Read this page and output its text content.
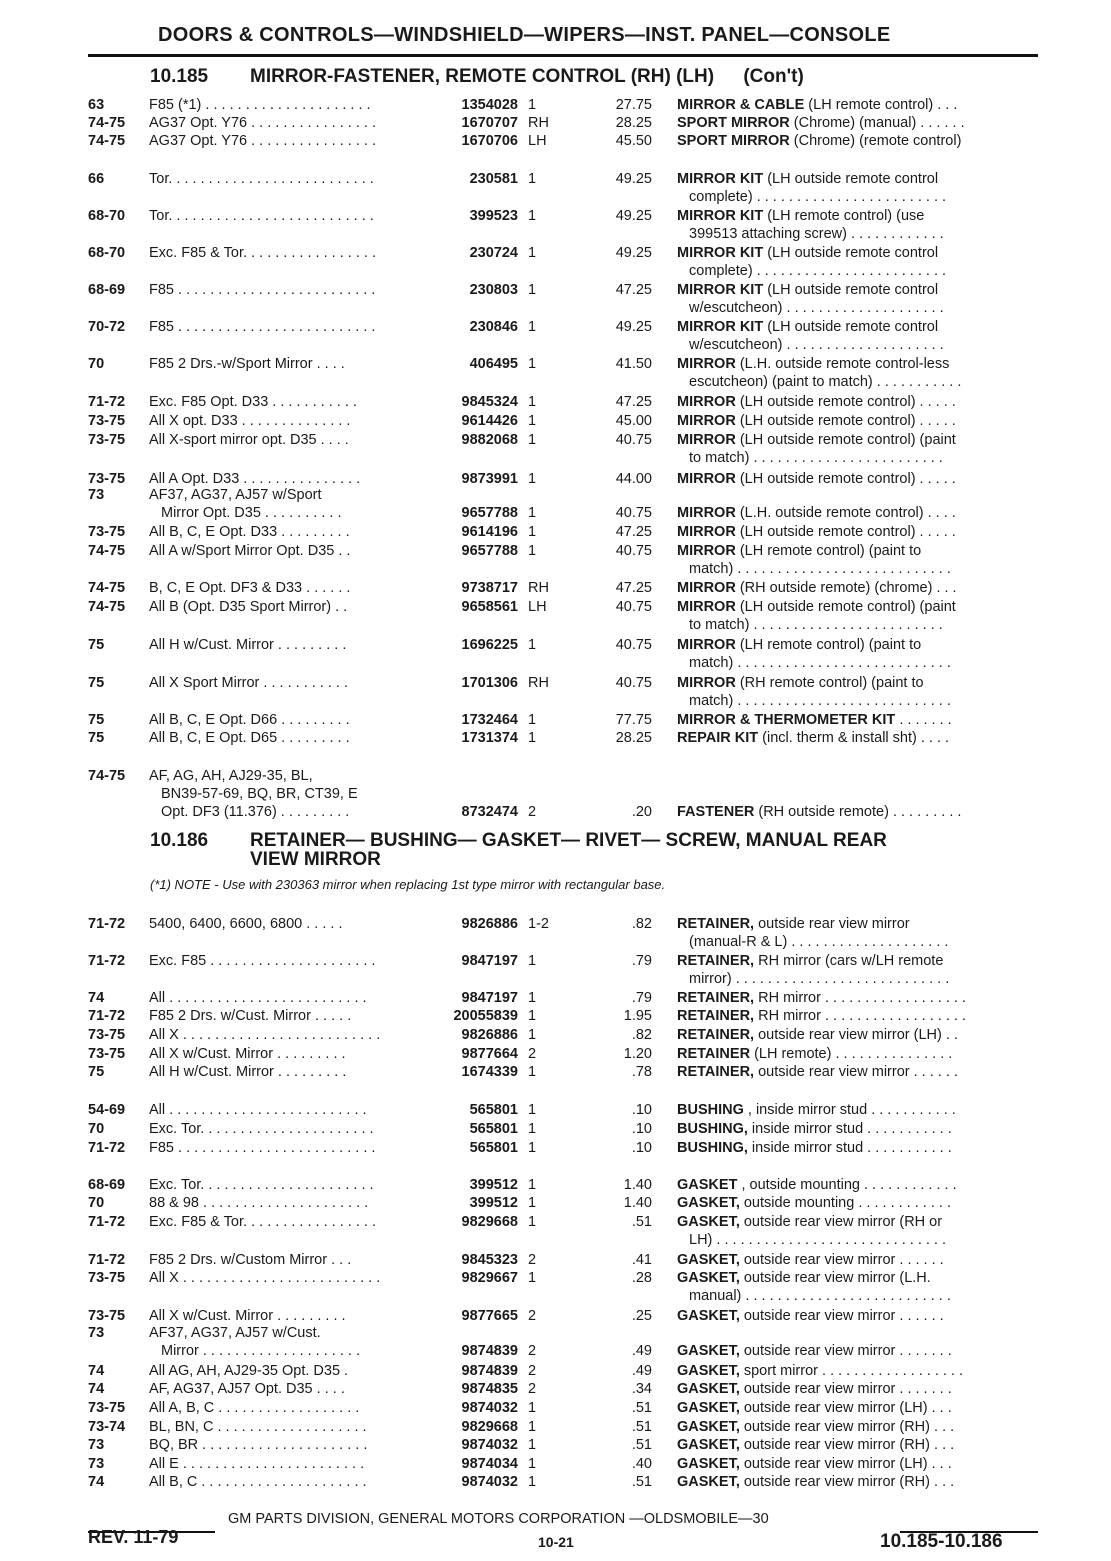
DOORS & CONTROLS—WINDSHIELD—WIPERS—INST. PANEL—CONSOLE
10.185 MIRROR-FASTENER, REMOTE CONTROL (RH) (LH) (Con't)
10.186 RETAINER— BUSHING— GASKET— RIVET— SCREW, MANUAL REAR
VIEW MIRROR
(*1) NOTE - Use with 230363 mirror when replacing 1st type mirror with rectangular base.
63	F85 (*1) . . . . . . . . . . . . . . . . . . . . .	1354028 1	27.75 MIRROR & CABLE (LH remote control) . . .
74-75 AG37 Opt. Y76 . . . . . . . . . . . . . . . .	1670707 RH	28.25 SPORT MIRROR (Chrome) (manual) . . . . . .
74-75 AG37 Opt. Y76 . . . . . . . . . . . . . . . .	1670706 LH	45.50 SPORT MIRROR (Chrome) (remote control)
66	Tor. . . . . . . . . . . . . . . . . . . . . . . . . .	230581 1	49.25 MIRROR KIT (LH outside remote control
complete) . . . . . . . . . . . . . . . . . . . . . . . .
68-70 Tor. . . . . . . . . . . . . . . . . . . . . . . . . .	399523 1	49.25 MIRROR KIT (LH remote control) (use
399513 attaching screw) . . . . . . . . . . . .
68-70 Exc. F85 & Tor. . . . . . . . . . . . . . . . .	230724 1	49.25 MIRROR KIT (LH outside remote control
complete) . . . . . . . . . . . . . . . . . . . . . . . .
68-69 F85 . . . . . . . . . . . . . . . . . . . . . . . . .	230803 1	47.25 MIRROR KIT (LH outside remote control
w/escutcheon) . . . . . . . . . . . . . . . . . . . .
70-72 F85 . . . . . . . . . . . . . . . . . . . . . . . . .	230846 1	49.25 MIRROR KIT (LH outside remote control
w/escutcheon) . . . . . . . . . . . . . . . . . . . .
70	F85 2 Drs.-w/Sport Mirror . . . .	406495 1	41.50 MIRROR (L.H. outside remote control-less
escutcheon) (paint to match) . . . . . . . . . . .
71-72 Exc. F85 Opt. D33 . . . . . . . . . . .	9845324 1	47.25 MIRROR (LH outside remote control) . . . . .
73-75 All X opt. D33 . . . . . . . . . . . . . .	9614426 1	45.00 MIRROR (LH outside remote control) . . . . .
73-75 All X-sport mirror opt. D35 . . . .	9882068 1	40.75 MIRROR (LH outside remote control) (paint
to match) . . . . . . . . . . . . . . . . . . . . . . . .
73-75 All A Opt. D33 . . . . . . . . . . . . . . .	9873991 1	44.00 MIRROR (LH outside remote control) . . . . .
73	AF37, AG37, AJ57 w/Sport
Mirror Opt. D35 . . . . . . . . . .	9657788 1	40.75 MIRROR (L.H. outside remote control) . . . .
73-75 All B, C, E Opt. D33 . . . . . . . . .	9614196 1	47.25 MIRROR (LH outside remote control) . . . . .
74-75 All A w/Sport Mirror Opt. D35 . .	9657788 1	40.75 MIRROR (LH remote control) (paint to
match) . . . . . . . . . . . . . . . . . . . . . . . . . . .
74-75 B, C, E Opt. DF3 & D33 . . . . . .	9738717 RH	47.25 MIRROR (RH outside remote) (chrome) . . .
74-75 All B (Opt. D35 Sport Mirror) . .	9658561 LH	40.75 MIRROR (LH outside remote control) (paint
to match) . . . . . . . . . . . . . . . . . . . . . . . .
75	All H w/Cust. Mirror . . . . . . . . .	1696225 1	40.75 MIRROR (LH remote control) (paint to
match) . . . . . . . . . . . . . . . . . . . . . . . . . . .
75	All X Sport Mirror . . . . . . . . . . .	1701306 RH	40.75 MIRROR (RH remote control) (paint to
match) . . . . . . . . . . . . . . . . . . . . . . . . . . .
75	All B, C, E Opt. D66 . . . . . . . . .	1732464 1	77.75 MIRROR & THERMOMETER KIT . . . . . . .
75	All B, C, E Opt. D65 . . . . . . . . .	1731374 1	28.25 REPAIR KIT (incl. therm & install sht) . . . .
74-75 AF, AG, AH, AJ29-35, BL,
BN39-57-69, BQ, BR, CT39, E
Opt. DF3 (11.376) . . . . . . . . .	8732474 2	.20 FASTENER (RH outside remote) . . . . . . . . .
71-72 5400, 6400, 6600, 6800 . . . . .	9826886 1-2	.82 RETAINER, outside rear view mirror
(manual-R & L) . . . . . . . . . . . . . . . . . . . .
71-72 Exc. F85 . . . . . . . . . . . . . . . . . . . . .	9847197 1	.79 RETAINER, RH mirror (cars w/LH remote
mirror) . . . . . . . . . . . . . . . . . . . . . . . . . . .
74	All . . . . . . . . . . . . . . . . . . . . . . . . .	9847197 1	.79 RETAINER, RH mirror . . . . . . . . . . . . . . . . . .
71-72 F85 2 Drs. w/Cust. Mirror . . . . .	20055839 1	1.95 RETAINER, RH mirror . . . . . . . . . . . . . . . . . .
73-75 All X . . . . . . . . . . . . . . . . . . . . . . . . .	9826886 1	.82 RETAINER, outside rear view mirror (LH) . .
73-75 All X w/Cust. Mirror . . . . . . . . .	9877664 2	1.20 RETAINER (LH remote) . . . . . . . . . . . . . . .
75	All H w/Cust. Mirror . . . . . . . . .	1674339 1	.78 RETAINER, outside rear view mirror . . . . . .
54-69 All . . . . . . . . . . . . . . . . . . . . . . . . .	565801 1	.10 BUSHING , inside mirror stud . . . . . . . . . . .
70	Exc. Tor. . . . . . . . . . . . . . . . . . . . . .	565801 1	.10 BUSHING, inside mirror stud . . . . . . . . . . .
71-72 F85 . . . . . . . . . . . . . . . . . . . . . . . . .	565801 1	.10 BUSHING, inside mirror stud . . . . . . . . . . .
68-69 Exc. Tor. . . . . . . . . . . . . . . . . . . . . .	399512 1	1.40 GASKET , outside mounting . . . . . . . . . . . .
70	88 & 98 . . . . . . . . . . . . . . . . . . . . .	399512 1	1.40 GASKET, outside mounting . . . . . . . . . . . .
71-72 Exc. F85 & Tor. . . . . . . . . . . . . . . . .	9829668 1	.51 GASKET, outside rear view mirror (RH or
LH) . . . . . . . . . . . . . . . . . . . . . . . . . . . . .
71-72 F85 2 Drs. w/Custom Mirror . . .	9845323 2	.41 GASKET, outside rear view mirror . . . . . .
73-75 All X . . . . . . . . . . . . . . . . . . . . . . . . .	9829667 1	.28 GASKET, outside rear view mirror (L.H.
manual) . . . . . . . . . . . . . . . . . . . . . . . . . .
73-75 All X w/Cust. Mirror . . . . . . . . .	9877665 2	.25 GASKET, outside rear view mirror . . . . . .
73	AF37, AG37, AJ57 w/Cust.
Mirror . . . . . . . . . . . . . . . . . . . .	9874839 2	.49 GASKET, outside rear view mirror . . . . . . .
74	All AG, AH, AJ29-35 Opt. D35 .	9874839 2	.49 GASKET, sport mirror . . . . . . . . . . . . . . . . . .
74	AF, AG37, AJ57 Opt. D35 . . . .	9874835 2	.34 GASKET, outside rear view mirror . . . . . . .
73-75 All A, B, C . . . . . . . . . . . . . . . . . .	9874032 1	.51 GASKET, outside rear view mirror (LH) . . .
73-74 BL, BN, C . . . . . . . . . . . . . . . . . . .	9829668 1	.51 GASKET, outside rear view mirror (RH) . . .
73	BQ, BR . . . . . . . . . . . . . . . . . . . . .	9874032 1	.51 GASKET, outside rear view mirror (RH) . . .
73	All E . . . . . . . . . . . . . . . . . . . . . . .	9874034 1	.40 GASKET, outside rear view mirror (LH) . . .
74	All B, C . . . . . . . . . . . . . . . . . . . . .	9874032 1	.51 GASKET, outside rear view mirror (RH) . . .
GM PARTS DIVISION, GENERAL MOTORS CORPORATION —OLDSMOBILE—30
REV. 11-79	10-21	10.185-10.186
